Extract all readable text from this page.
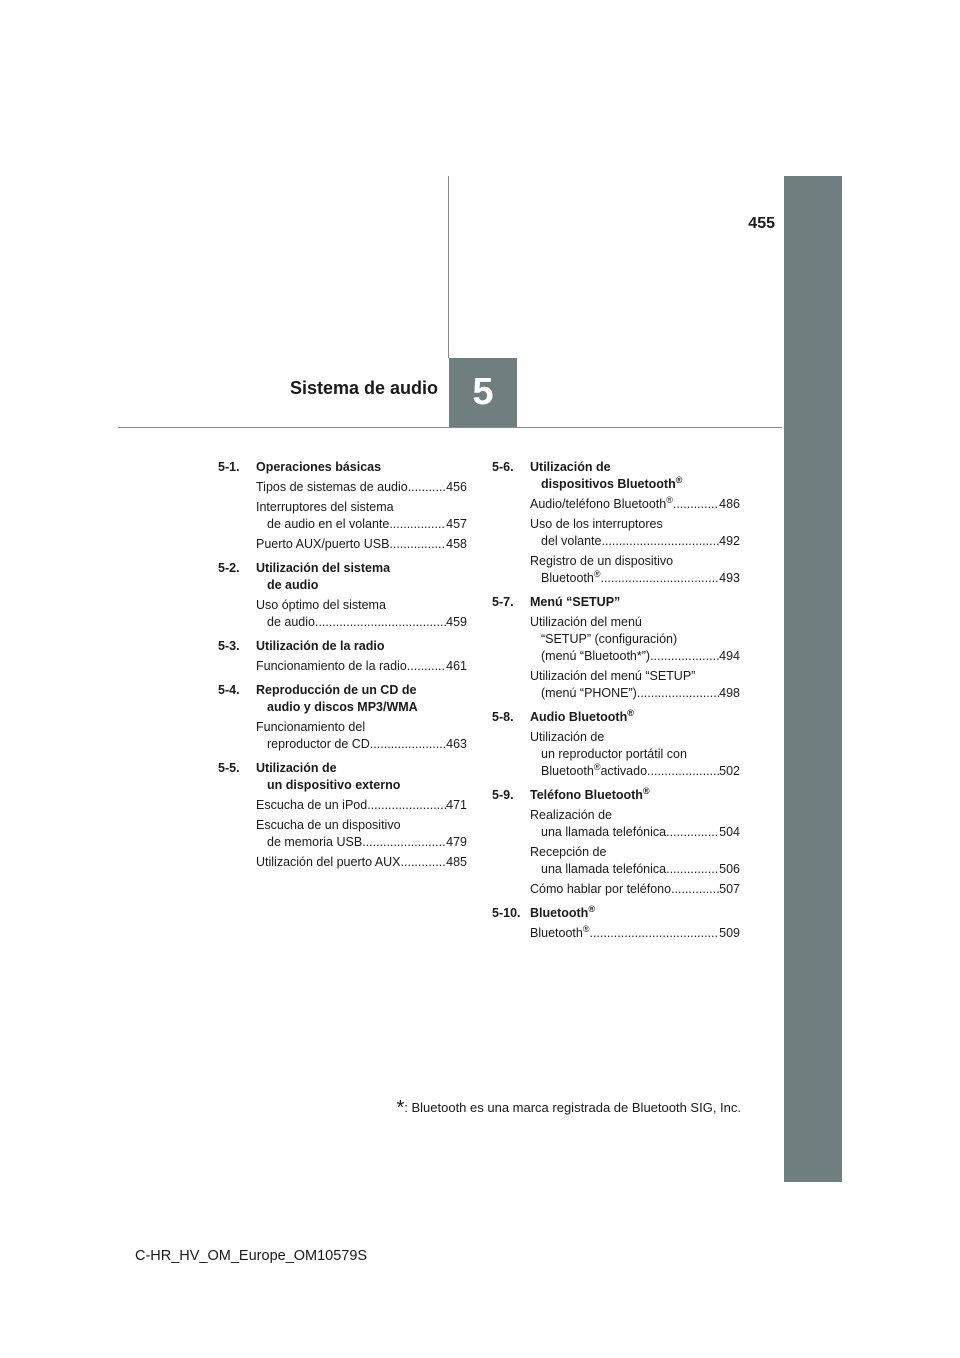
455
5
Sistema de audio
5-1.	Operaciones básicas
Tipos de sistemas de audio .....	456
Interruptores del sistema
de audio en el volante .....	457
Puerto AUX/puerto USB .....	458
5-2.	Utilización del sistema
de audio
Uso óptimo del sistema
de audio .....	459
5-3.	Utilización de la radio
Funcionamiento de la radio .....	461
5-4.	Reproducción de un CD de
audio y discos MP3/WMA
Funcionamiento del
reproductor de CD .....	463
5-5.	Utilización de
un dispositivo externo
Escucha de un iPod .....	471
Escucha de un dispositivo
de memoria USB .....	479
Utilización del puerto AUX .....	485
5-6.	Utilización de
dispositivos Bluetooth®
Audio/teléfono Bluetooth® .....	486
Uso de los interruptores
del volante .....	492
Registro de un dispositivo
Bluetooth® .....	493
5-7.	Menú “SETUP”
Utilización del menú
“SETUP” (configuración)
(menú “Bluetooth*”) .....	494
Utilización del menú “SETUP”
(menú “PHONE”) .....	498
5-8.	Audio Bluetooth®
Utilización de
un reproductor portátil con
Bluetooth®activado .....	502
5-9.	Teléfono Bluetooth®
Realización de
una llamada telefónica .....	504
Recepción de
una llamada telefónica .....	506
Cómo hablar por teléfono .....	507
5-10. Bluetooth®
Bluetooth® .....	509
*: Bluetooth es una marca registrada de Bluetooth SIG, Inc.
C-HR_HV_OM_Europe_OM10579S
